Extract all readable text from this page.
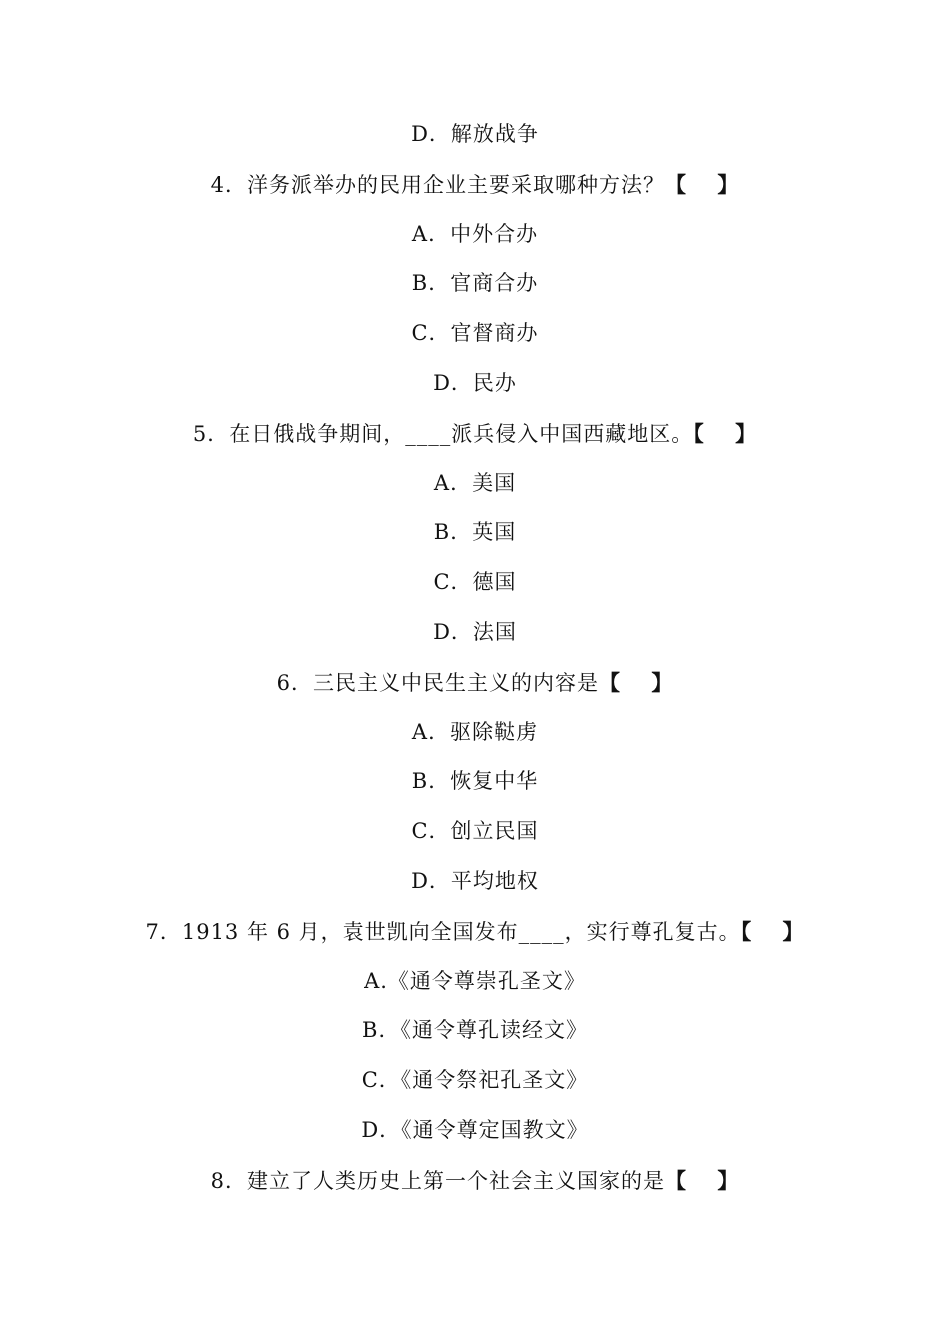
D．解放战争
4．洋务派举办的民用企业主要采取哪种方法？【　 】
A．中外合办
B．官商合办
C．官督商办
D．民办
5．在日俄战争期间，____派兵侵入中国西藏地区。【　 】
A．美国
B．英国
C．德国
D．法国
6．三民主义中民生主义的内容是【　 】
A．驱除鞑虏
B．恢复中华
C．创立民国
D．平均地权
7．1913 年 6 月，袁世凯向全国发布____，实行尊孔复古。【　 】
A.《通令尊崇孔圣文》
B．《通令尊孔读经文》
C．《通令祭祀孔圣文》
D．《通令尊定国教文》
8．建立了人类历史上第一个社会主义国家的是【　 】
